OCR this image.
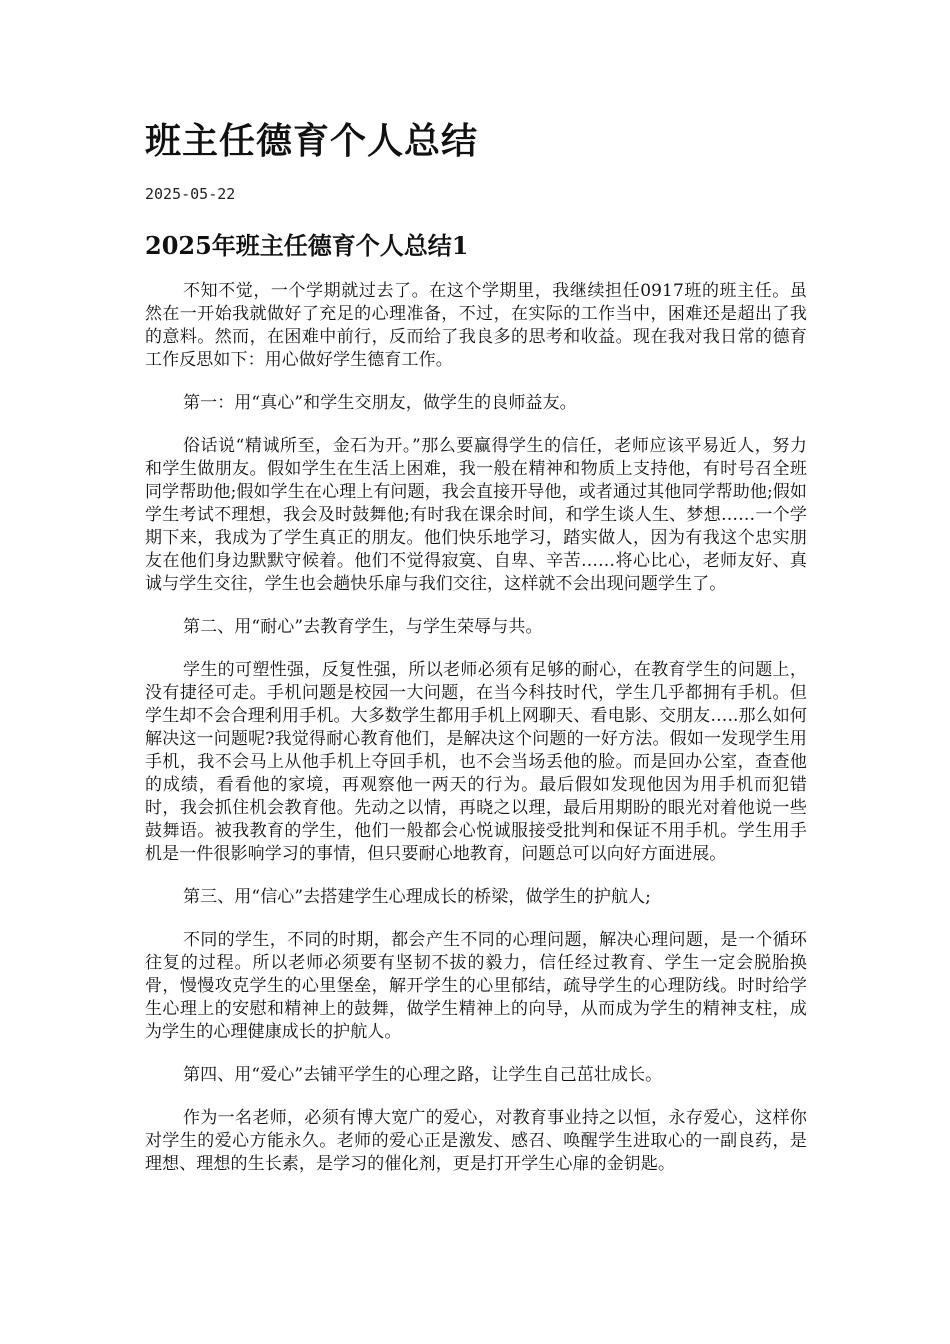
班主任德育个人总结
2025-05-22
2025年班主任德育个人总结1

不知不觉，一个学期就过去了。在这个学期里，我继续担任0917班的班主任。虽然在一开始我就做好了充足的心理准备，不过，在实际的工作当中，困难还是超出了我的意料。然而，在困难中前行，反而给了我良多的思考和收益。现在我对我日常的德育工作反思如下：用心做好学生德育工作。

第一：用“真心”和学生交朋友，做学生的良师益友。

俗话说“精诚所至，金石为开。”那么要赢得学生的信任，老师应该平易近人，努力和学生做朋友。假如学生在生活上困难，我一般在精神和物质上支持他，有时号召全班同学帮助他;假如学生在心理上有问题，我会直接开导他，或者通过其他同学帮助他;假如学生考试不理想，我会及时鼓舞他;有时我在课余时间，和学生谈人生、梦想……一个学期下来，我成为了学生真正的朋友。他们快乐地学习，踏实做人，因为有我这个忠实朋友在他们身边默默守候着。他们不觉得寂寞、自卑、辛苦……将心比心，老师友好、真诚与学生交往，学生也会趟快乐扉与我们交往，这样就不会出现问题学生了。

第二、用“耐心”去教育学生，与学生荣辱与共。

学生的可塑性强，反复性强，所以老师必须有足够的耐心，在教育学生的问题上，没有捷径可走。手机问题是校园一大问题，在当今科技时代，学生几乎都拥有手机。但学生却不会合理利用手机。大多数学生都用手机上网聊天、看电影、交朋友…..那么如何解决这一问题呢?我觉得耐心教育他们，是解决这个问题的一好方法。假如一发现学生用手机，我不会马上从他手机上夺回手机，也不会当场丢他的脸。而是回办公室，查查他的成绩，看看他的家境，再观察他一两天的行为。最后假如发现他因为用手机而犯错时，我会抓住机会教育他。先动之以情，再晓之以理，最后用期盼的眼光对着他说一些鼓舞语。被我教育的学生，他们一般都会心悦诚服接受批判和保证不用手机。学生用手机是一件很影响学习的事情，但只要耐心地教育，问题总可以向好方面进展。

第三、用“信心”去搭建学生心理成长的桥梁，做学生的护航人;

不同的学生，不同的时期，都会产生不同的心理问题，解决心理问题，是一个循环往复的过程。所以老师必须要有坚韧不拔的毅力，信任经过教育、学生一定会脱胎换骨，慢慢攻克学生的心里堡垒，解开学生的心里郁结，疏导学生的心理防线。时时给学生心理上的安慰和精神上的鼓舞，做学生精神上的向导，从而成为学生的精神支柱，成为学生的心理健康成长的护航人。

第四、用“爱心”去铺平学生的心理之路，让学生自己茁壮成长。

作为一名老师，必须有博大宽广的爱心，对教育事业持之以恒，永存爱心，这样你对学生的爱心方能永久。老师的爱心正是激发、感召、唤醒学生进取心的一副良药，是理想、理想的生长素，是学习的催化剂，更是打开学生心扉的金钥匙。
